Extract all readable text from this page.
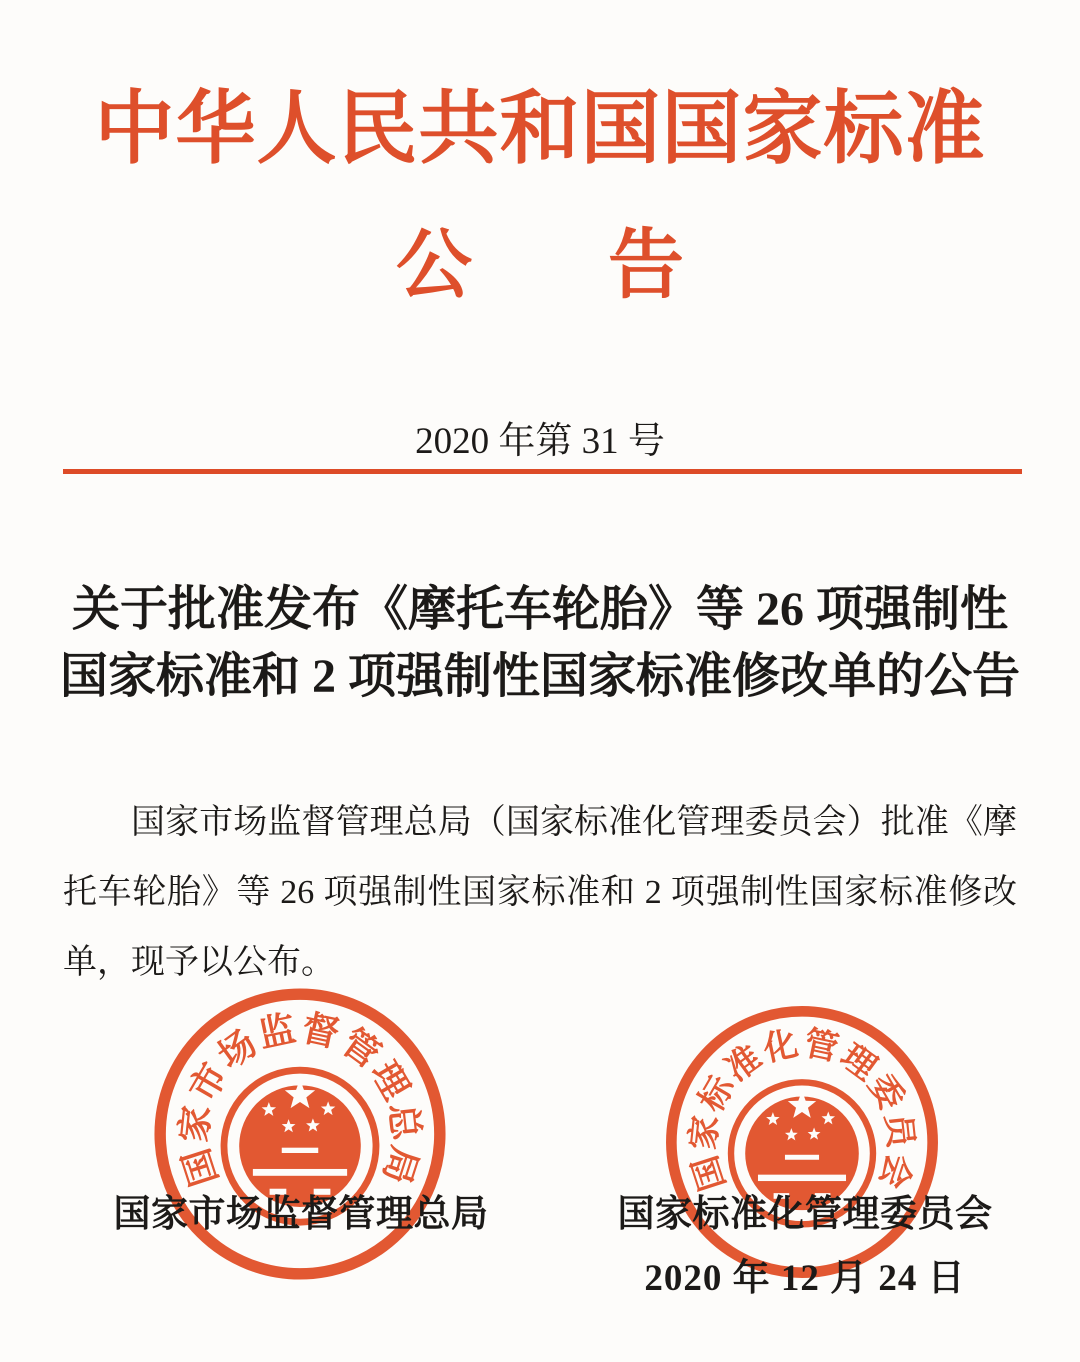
中华人民共和国国家标准
公 告
2020 年第 31 号
关于批准发布《摩托车轮胎》等 26 项强制性
国家标准和 2 项强制性国家标准修改单的公告

国家市场监督管理总局（国家标准化管理委员会）批准《摩托车轮胎》等 26 项强制性国家标准和 2 项强制性国家标准修改单，现予以公布。

国家市场监督管理总局	国家标准化管理委员会
国家市场监督管理总局	国家标准化管理委员会
2020 年 12 月 24 日
